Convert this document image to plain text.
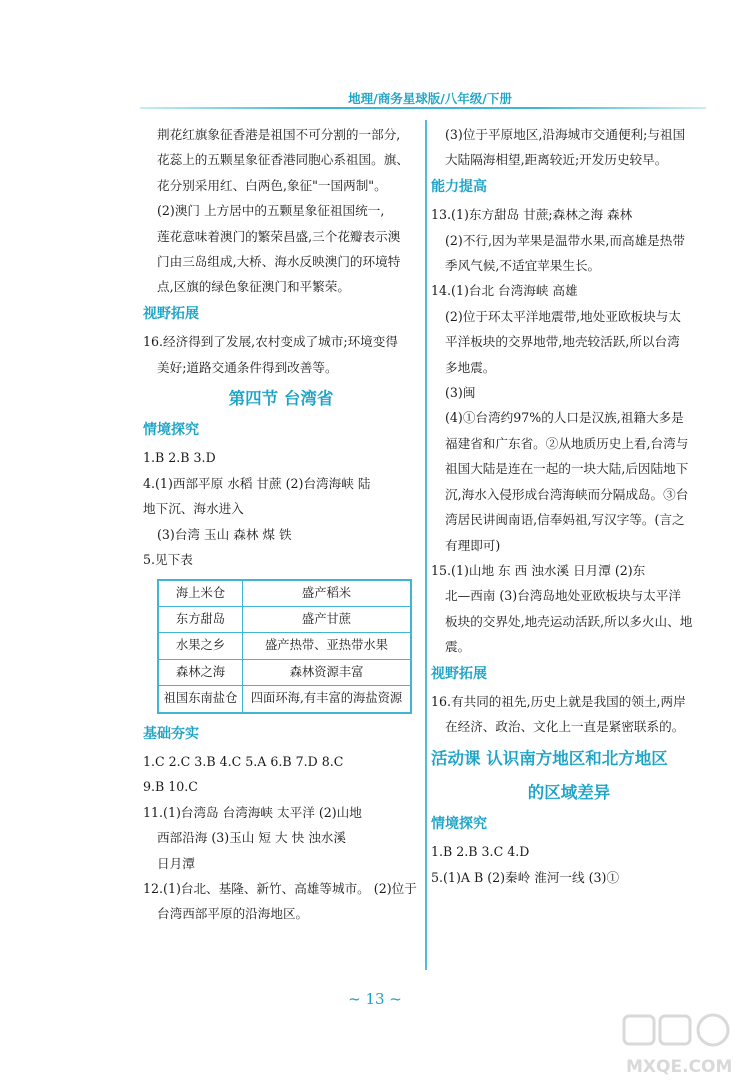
地理/商务星球版/八年级/下册
荆花红旗象征香港是祖国不可分割的一部分,
花蕊上的五颗星象征香港同胞心系祖国。旗、
花分别采用红、白两色,象征"一国两制"。
(2)澳门 上方居中的五颗星象征祖国统一,
莲花意味着澳门的繁荣昌盛,三个花瓣表示澳
门由三岛组成,大桥、海水反映澳门的环境特
点,区旗的绿色象征澳门和平繁荣。
视野拓展
16.经济得到了发展,农村变成了城市;环境变得
美好;道路交通条件得到改善等。
第四节 台湾省
情境探究
1.B 2.B 3.D
4.(1)西部平原 水稻 甘蔗 (2)台湾海峡 陆
地下沉、海水进入
(3)台湾 玉山 森林 煤 铁
5.见下表
海上米仓	盛产稻米
东方甜岛	盛产甘蔗
水果之乡	盛产热带、亚热带水果
森林之海	森林资源丰富
祖国东南盐仓	四面环海,有丰富的海盐资源
基础夯实
1.C 2.C 3.B 4.C 5.A 6.B 7.D 8.C
9.B 10.C
11.(1)台湾岛 台湾海峡 太平洋 (2)山地
西部沿海 (3)玉山 短 大 快 浊水溪
日月潭
12.(1)台北、基隆、新竹、高雄等城市。 (2)位于
台湾西部平原的沿海地区。
(3)位于平原地区,沿海城市交通便利;与祖国
大陆隔海相望,距离较近;开发历史较早。
能力提高
13.(1)东方甜岛 甘蔗;森林之海 森林
(2)不行,因为苹果是温带水果,而高雄是热带
季风气候,不适宜苹果生长。
14.(1)台北 台湾海峡 高雄
(2)位于环太平洋地震带,地处亚欧板块与太
平洋板块的交界地带,地壳较活跃,所以台湾
多地震。
(3)闽
(4)①台湾约97%的人口是汉族,祖籍大多是
福建省和广东省。②从地质历史上看,台湾与
祖国大陆是连在一起的一块大陆,后因陆地下
沉,海水入侵形成台湾海峡而分隔成岛。③台
湾居民讲闽南语,信奉妈祖,写汉字等。(言之
有理即可)
15.(1)山地 东 西 浊水溪 日月潭 (2)东
北—西南 (3)台湾岛地处亚欧板块与太平洋
板块的交界处,地壳运动活跃,所以多火山、地
震。
视野拓展
16.有共同的祖先,历史上就是我国的领土,两岸
在经济、政治、文化上一直是紧密联系的。
活动课 认识南方地区和北方地区
的区域差异
情境探究
1.B 2.B 3.C 4.D
5.(1)A B (2)秦岭 淮河一线 (3)①
~ 13 ~
MXQE.COM
